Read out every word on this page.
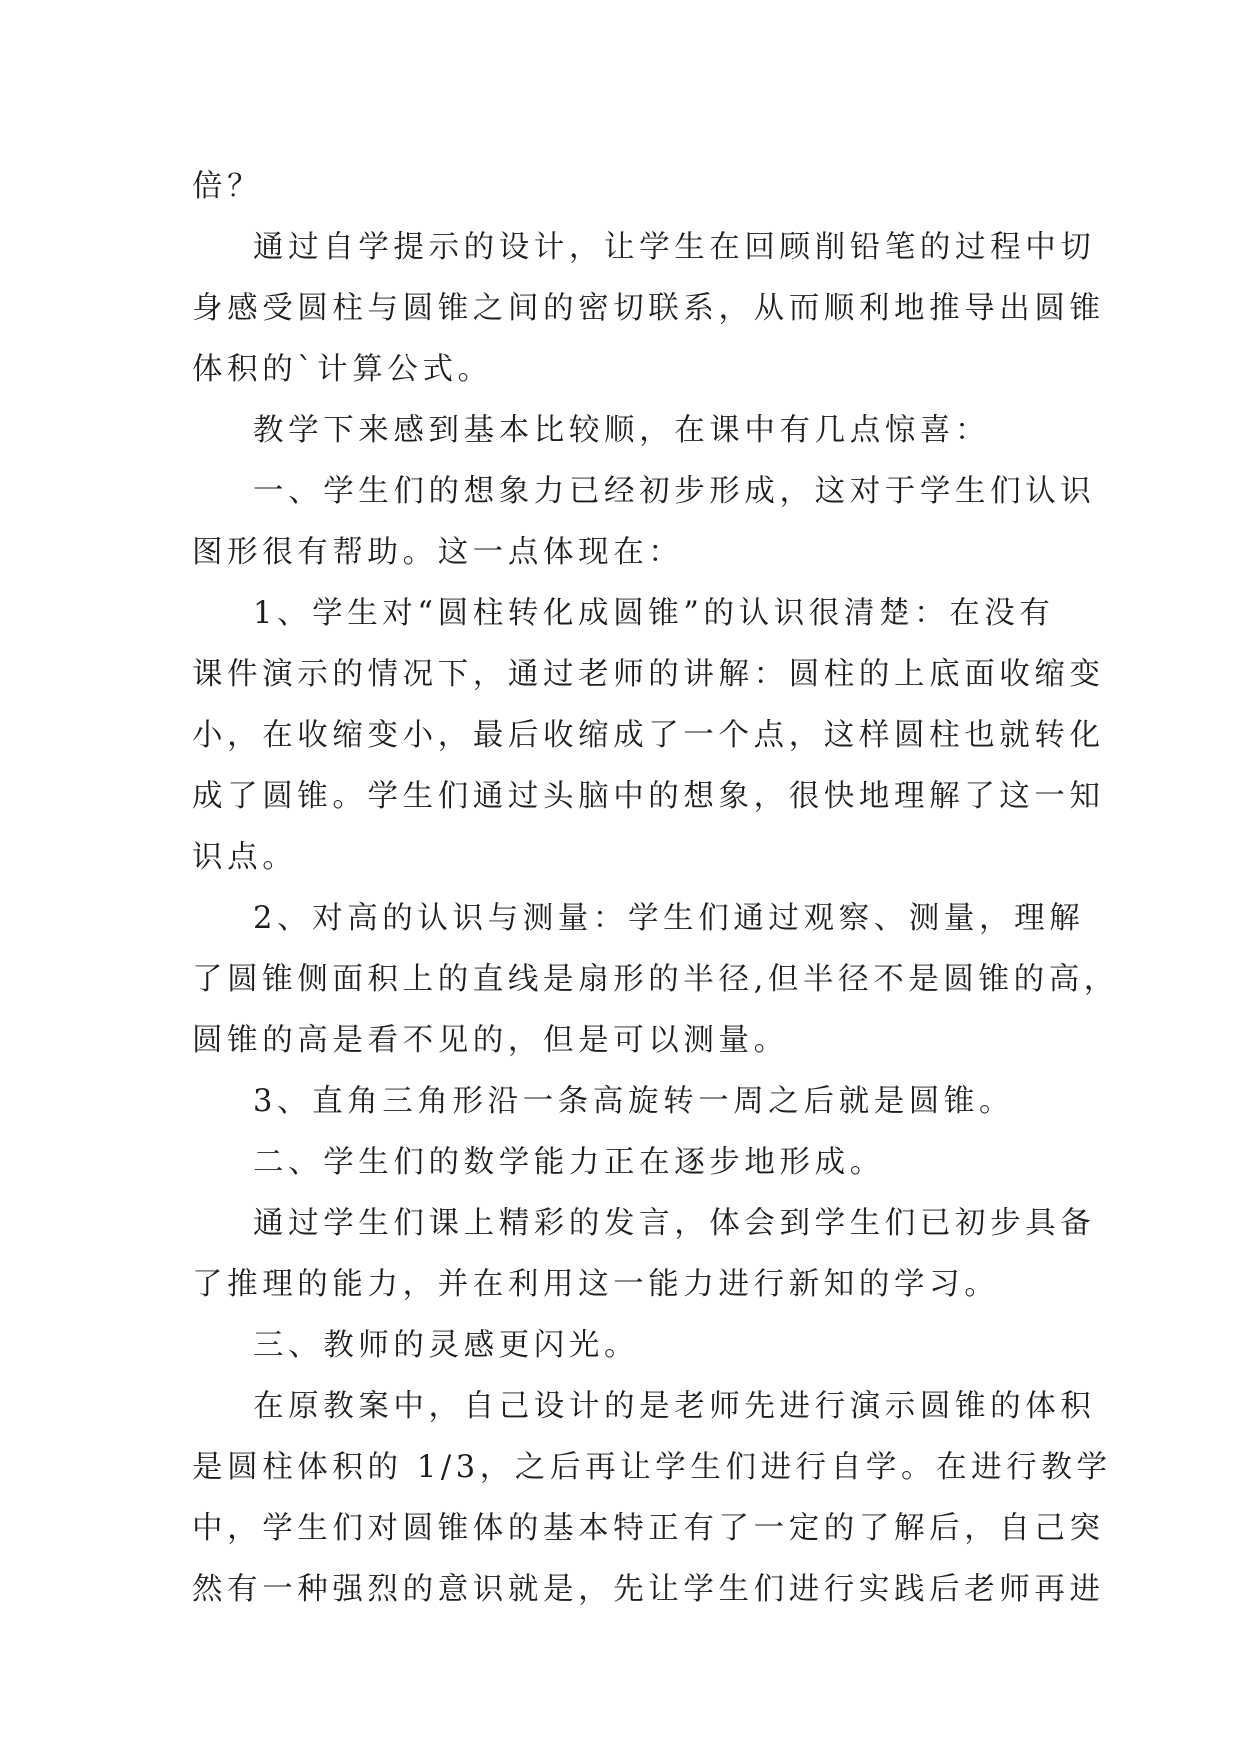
倍？
通过自学提示的设计，让学生在回顾削铅笔的过程中切
身感受圆柱与圆锥之间的密切联系，从而顺利地推导出圆锥
体积的`计算公式。
教学下来感到基本比较顺，在课中有几点惊喜：
一、学生们的想象力已经初步形成，这对于学生们认识
图形很有帮助。这一点体现在：
1、学生对“圆柱转化成圆锥”的认识很清楚：在没有
课件演示的情况下，通过老师的讲解：圆柱的上底面收缩变
小，在收缩变小，最后收缩成了一个点，这样圆柱也就转化
成了圆锥。学生们通过头脑中的想象，很快地理解了这一知
识点。
2、对高的认识与测量：学生们通过观察、测量，理解
了圆锥侧面积上的直线是扇形的半径,但半径不是圆锥的高，
圆锥的高是看不见的，但是可以测量。
3、直角三角形沿一条高旋转一周之后就是圆锥。
二、学生们的数学能力正在逐步地形成。
通过学生们课上精彩的发言，体会到学生们已初步具备
了推理的能力，并在利用这一能力进行新知的学习。
三、教师的灵感更闪光。
在原教案中，自己设计的是老师先进行演示圆锥的体积
是圆柱体积的 1/3，之后再让学生们进行自学。在进行教学
中，学生们对圆锥体的基本特正有了一定的了解后，自己突
然有一种强烈的意识就是，先让学生们进行实践后老师再进
